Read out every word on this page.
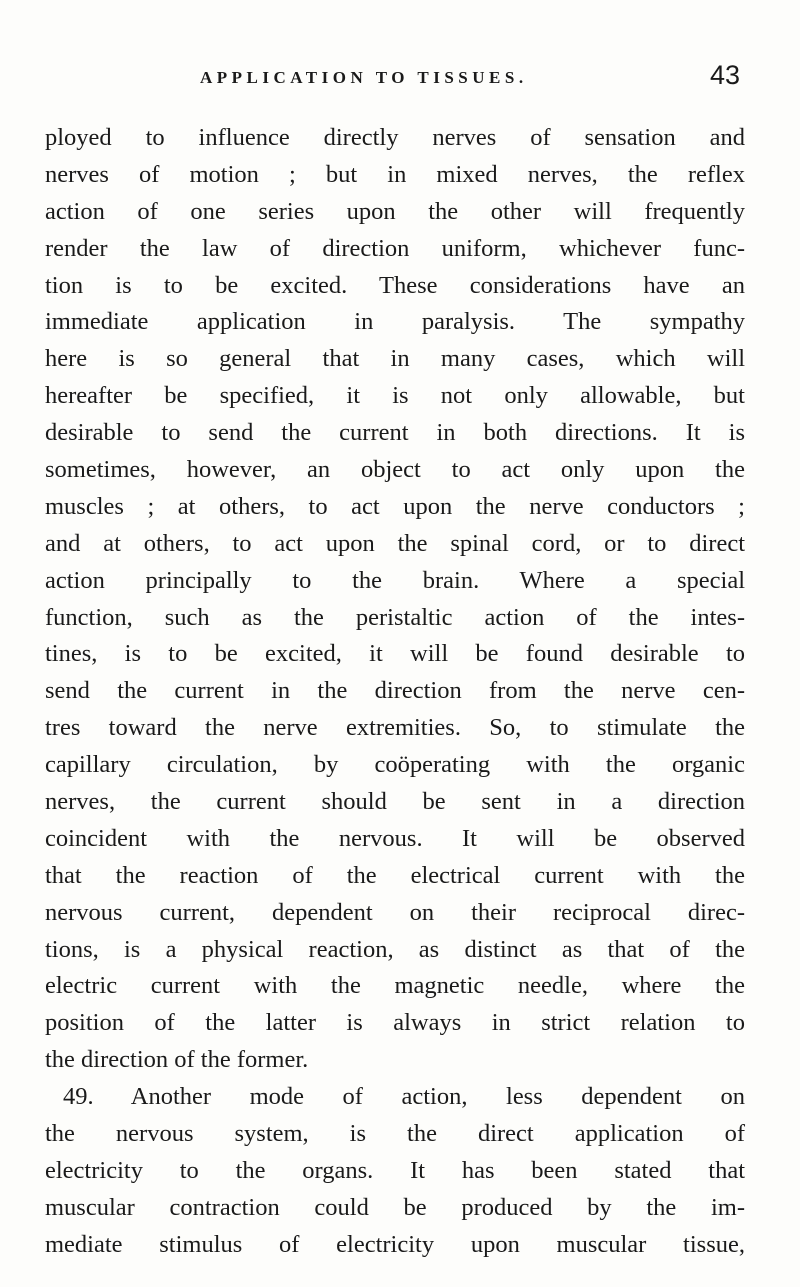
APPLICATION TO TISSUES.	43
ployed to influence directly nerves of sensation and
nerves of motion ; but in mixed nerves, the reflex
action of one series upon the other will frequently
render the law of direction uniform, whichever func-
tion is to be excited. These considerations have an
immediate application in paralysis. The sympathy
here is so general that in many cases, which will
hereafter be specified, it is not only allowable, but
desirable to send the current in both directions. It is
sometimes, however, an object to act only upon the
muscles ; at others, to act upon the nerve conductors ;
and at others, to act upon the spinal cord, or to direct
action principally to the brain. Where a special
function, such as the peristaltic action of the intes-
tines, is to be excited, it will be found desirable to
send the current in the direction from the nerve cen-
tres toward the nerve extremities. So, to stimulate the
capillary circulation, by coöperating with the organic
nerves, the current should be sent in a direction
coincident with the nervous. It will be observed
that the reaction of the electrical current with the
nervous current, dependent on their reciprocal direc-
tions, is a physical reaction, as distinct as that of the
electric current with the magnetic needle, where the
position of the latter is always in strict relation to
the direction of the former.
49. Another mode of action, less dependent on
the nervous system, is the direct application of
electricity to the organs. It has been stated that
muscular contraction could be produced by the im-
mediate stimulus of electricity upon muscular tissue,
